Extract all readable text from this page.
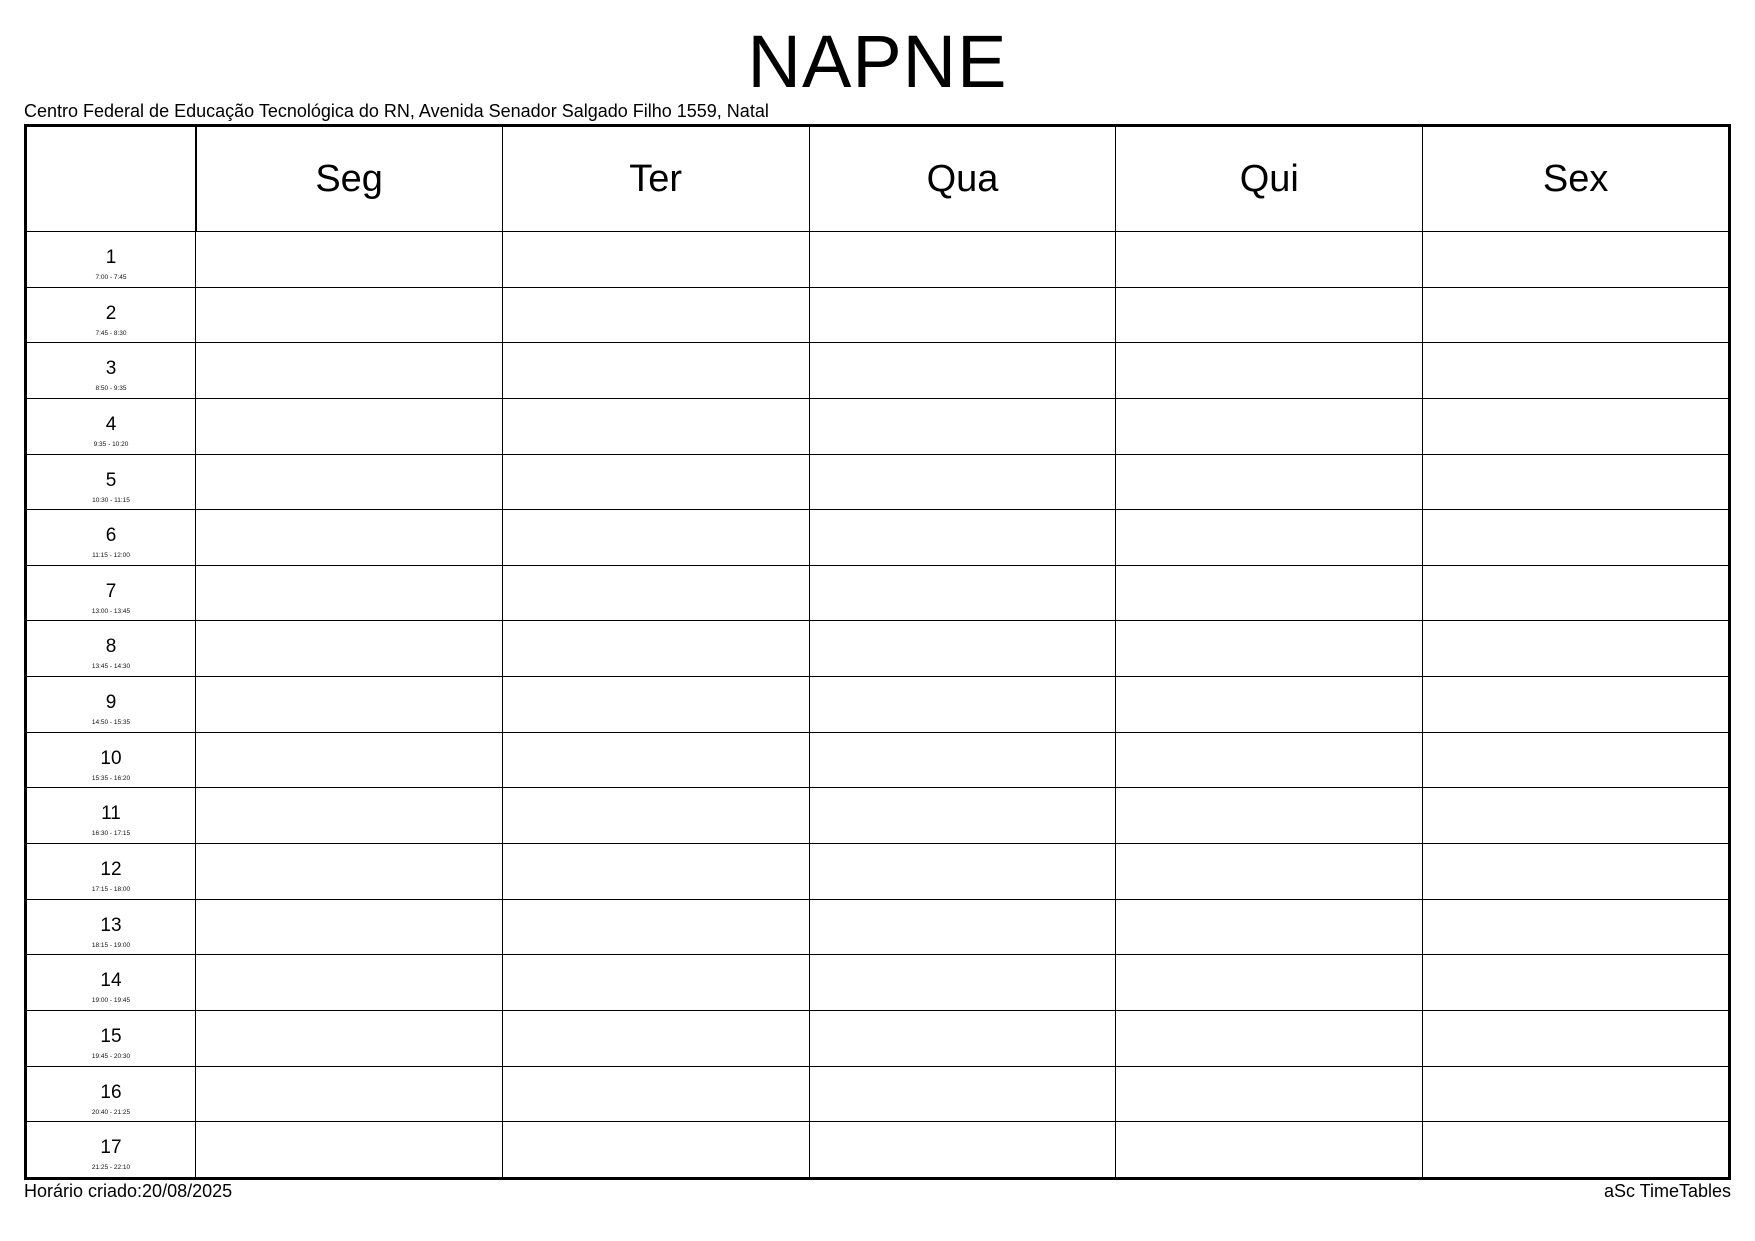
NAPNE
Centro Federal de Educação Tecnológica do RN, Avenida Senador Salgado Filho 1559, Natal
	Seg	Ter	Qua	Qui	Sex

1
7:00 - 7:45					

2
7:45 - 8:30					

3
8:50 - 9:35					

4
9:35 - 10:20					

5
10:30 - 11:15					

6
11:15 - 12:00					

7
13:00 - 13:45					

8
13:45 - 14:30					

9
14:50 - 15:35					

10
15:35 - 16:20					

11
16:30 - 17:15					

12
17:15 - 18:00					

13
18:15 - 19:00					

14
19:00 - 19:45					

15
19:45 - 20:30					

16
20:40 - 21:25					

17
21:25 - 22:10					

Horário criado:20/08/2025	aSc TimeTables
